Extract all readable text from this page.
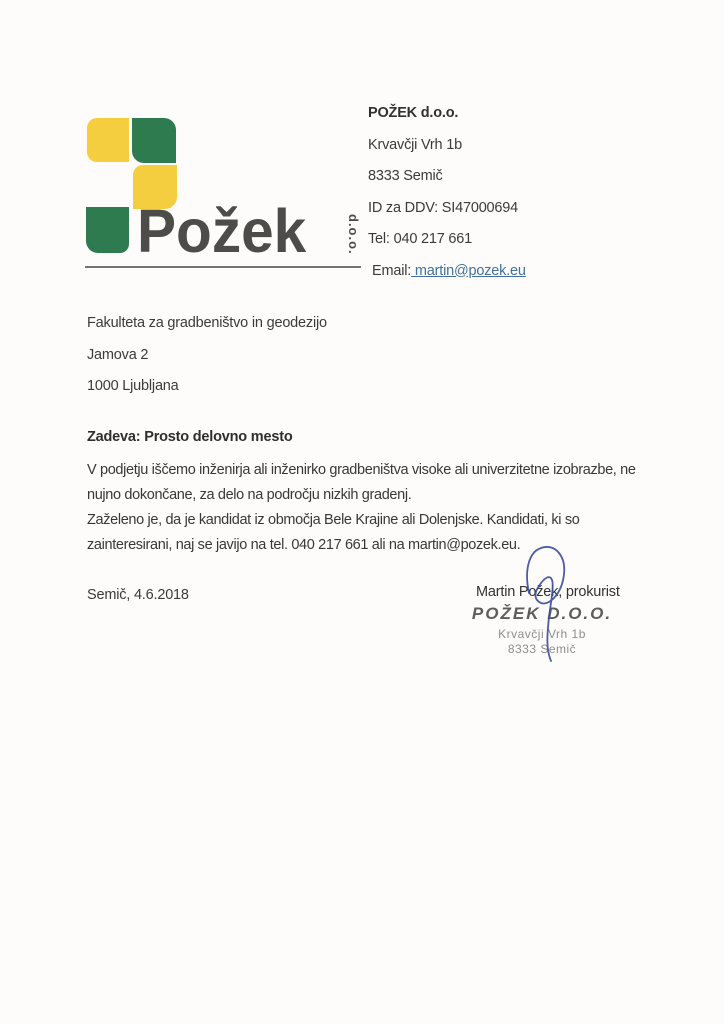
Požek	d.o.o.
POŽEK d.o.o.
Krvavčji Vrh 1b
8333 Semič
ID za DDV: SI47000694
Tel: 040 217 661
Email: martin@pozek.eu
Fakulteta za gradbeništvo in geodezijo
Jamova 2
1000 Ljubljana
Zadeva: Prosto delovno mesto
V podjetju iščemo inženirja ali inženirko gradbeništva visoke ali univerzitetne izobrazbe, ne
nujno dokončane, za delo na področju nizkih gradenj.
Zaželeno je, da je kandidat iz območja Bele Krajine ali Dolenjske. Kandidati, ki so
zainteresirani, naj se javijo na tel. 040 217 661 ali na martin@pozek.eu.
Semič, 4.6.2018	Martin Požek, prokurist
POŽEK D.O.O.
Krvavčji Vrh 1b
8333 Semič
